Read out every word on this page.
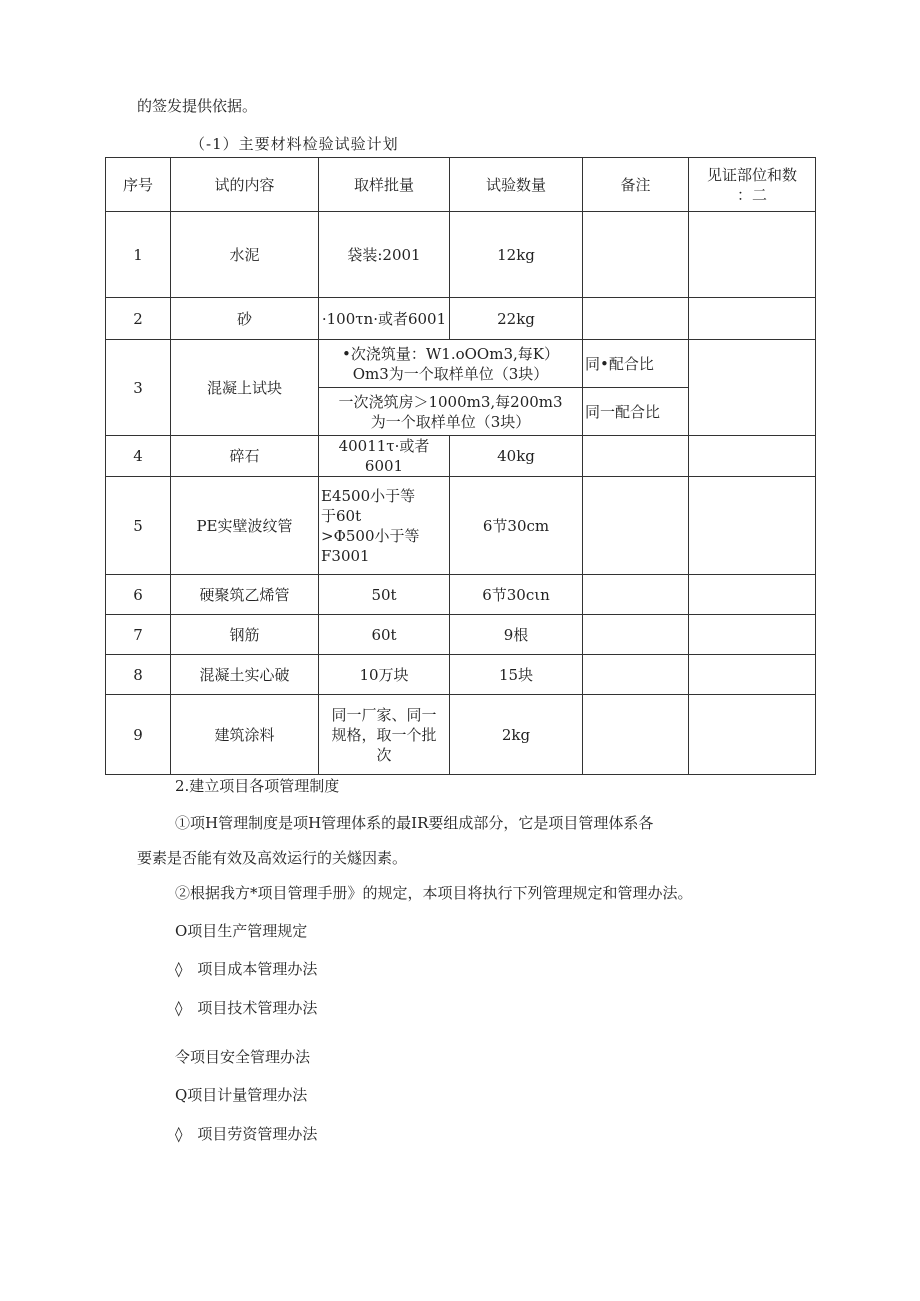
的签发提供依据。
（-1）主要材料检验试验计划
序号	试的内容	取样批量	试验数量	备注	见证部位和数
：二
1	水泥	袋装:2001	12kg		
2	砂	·100τn·或者6001	22kg		
3	混凝上试块	•次浇筑量：W1.oOOm3,每K）
Om3为一个取样单位（3块）		同•配合比	
		一次浇筑房＞1000m3,每200m3
为一个取样单位（3块）		同一配合比	
4	碎石	40011τ·或者6001	40kg		
5	PE实壁波纹管	E4500小于等
于60t
>Φ500小于等
F3001	6节30cm		
6	硬聚筑乙烯管	50t	6节30cιn		
7	钢筋	60t	9根		
8	混凝土实心破	10万块	15块		
9	建筑涂料	同一厂家、同一
规格，取一个批
次	2kg		
2.建立项目各项管理制度
①项H管理制度是项H管理体系的最IR要组成部分，它是项目管理体系各
要素是否能有效及高效运行的关燧因素。
②根据我方*项目管理手册》的规定，本项目将执行下列管理规定和管理办法。
O项目生产管理规定
◊　项目成本管理办法
◊　项目技术管理办法
令项目安全管理办法
Q项目计量管理办法
◊　项目劳资管理办法
